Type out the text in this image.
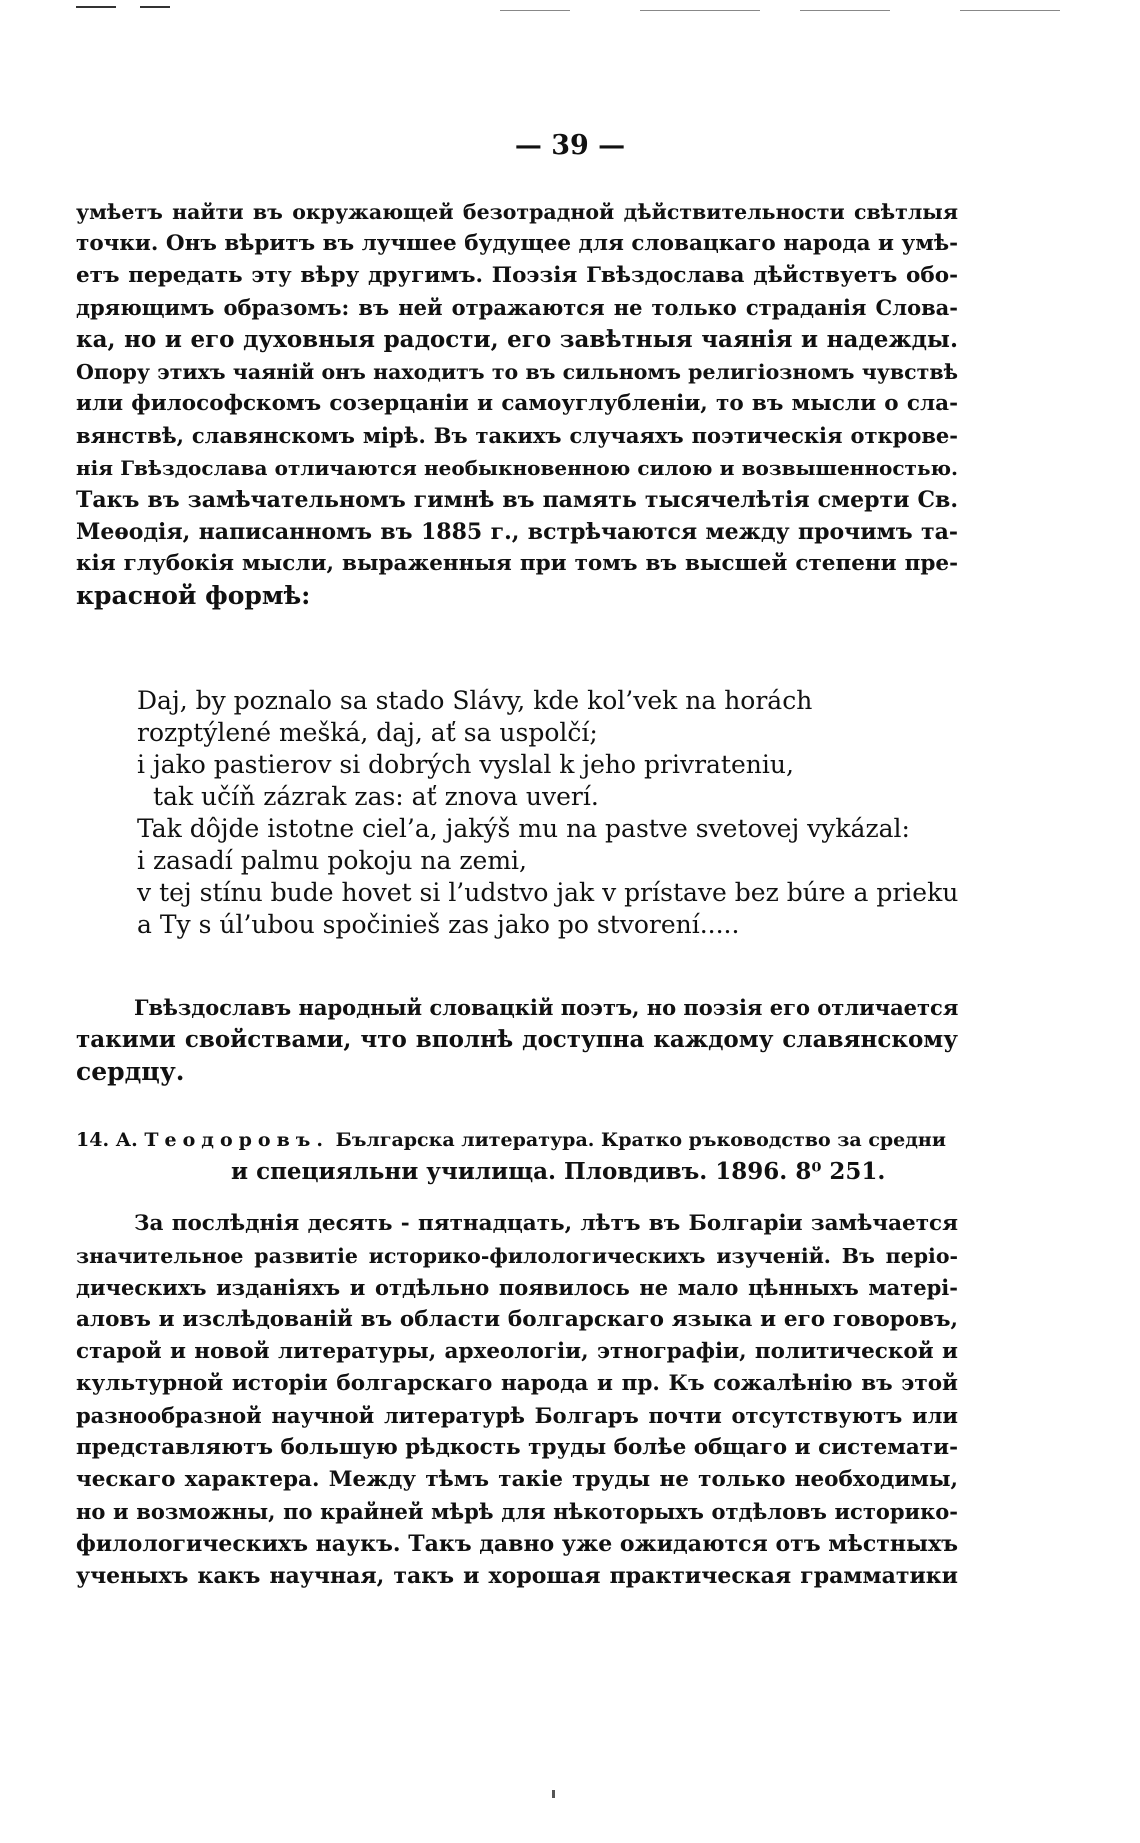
— 39 —
умѣетъ найти въ окружающей безотрадной дѣйствительности свѣтлыя
точки. Онъ вѣритъ въ лучшее будущее для словацкаго народа и умѣ-
етъ передать эту вѣру другимъ. Поэзія Гвѣздослава дѣйствуетъ обо-
дряющимъ образомъ: въ ней отражаются не только страданія Слова-
ка, но и его духовныя радости, его завѣтныя чаянія и надежды.
Опору этихъ чаяній онъ находитъ то въ сильномъ религіозномъ чувствѣ
или философскомъ созерцаніи и самоуглубленіи, то въ мысли о сла-
вянствѣ, славянскомъ мірѣ. Въ такихъ случаяхъ поэтическія открове-
нія Гвѣздослава отличаются необыкновенною силою и возвышенностью.
Такъ въ замѣчательномъ гимнѣ въ память тысячелѣтія смерти Св.
Меѳодія, написанномъ въ 1885 г., встрѣчаются между прочимъ та-
кія глубокія мысли, выраженныя при томъ въ высшей степени пре-
красной формѣ:
Daj, by poznalo sa stado Slávy, kde kol’vek na horách
rozptýlené mešká, daj, ať sa uspolčí;
i jako pastierov si dobrých vyslal k jeho privrateniu,
tak učíň zázrak zas: ať znova uverí.
Tak dôjde istotne ciel’a, jakýš mu na pastve svetovej vykázal:
i zasadí palmu pokoju na zemi,
v tej stínu bude hovet si l’udstvo jak v prístave bez búre a prieku
a Ty s úl’ubou spočinieš zas jako po stvorení.....
Гвѣздославъ народный словацкій поэтъ, но поэзія его отличается
такими свойствами, что вполнѣ доступна каждому славянскому
сердцу.
14. А. Теодоровъ. Българска литература. Кратко ръководство за средни
и специяльни училища. Пловдивъ. 1896. 8⁰ 251.
За послѣднія десять - пятнадцать, лѣтъ въ Болгаріи замѣчается
значительное развитіе историко-филологическихъ изученій. Въ періо-
дическихъ изданіяхъ и отдѣльно появилось не мало цѣнныхъ матері-
аловъ и изслѣдованій въ области болгарскаго языка и его говоровъ,
старой и новой литературы, археологіи, этнографіи, политической и
культурной исторіи болгарскаго народа и пр. Къ сожалѣнію въ этой
разнообразной научной литературѣ Болгаръ почти отсутствуютъ или
представляютъ большую рѣдкость труды болѣе общаго и системати-
ческаго характера. Между тѣмъ такіе труды не только необходимы,
но и возможны, по крайней мѣрѣ для нѣкоторыхъ отдѣловъ историко-
филологическихъ наукъ. Такъ давно уже ожидаются отъ мѣстныхъ
ученыхъ какъ научная, такъ и хорошая практическая грамматики
